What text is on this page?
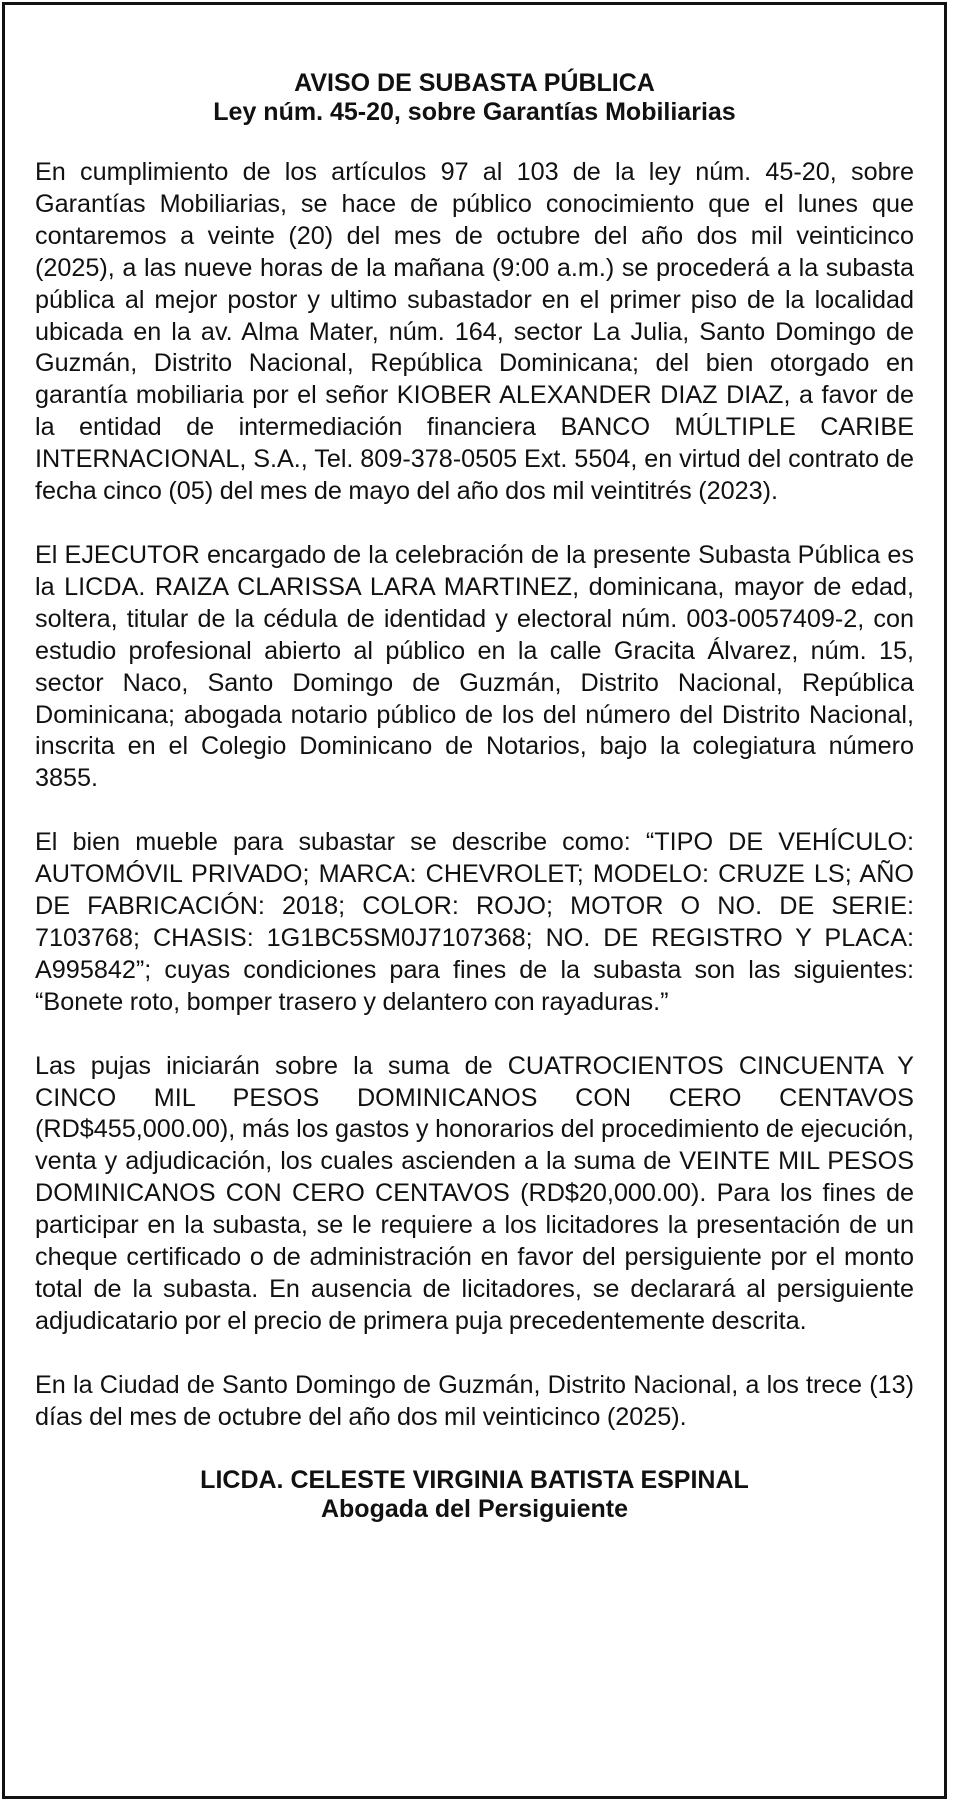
AVISO DE SUBASTA PÚBLICA
Ley núm. 45-20, sobre Garantías Mobiliarias

En cumplimiento de los artículos 97 al 103 de la ley núm. 45-20, sobre Garantías Mobiliarias, se hace de público conocimiento que el lunes que contaremos a veinte (20) del mes de octubre del año dos mil veinticinco (2025), a las nueve horas de la mañana (9:00 a.m.) se procederá a la subasta pública al mejor postor y ultimo subastador en el primer piso de la localidad ubicada en la av. Alma Mater, núm. 164, sector La Julia, Santo Domingo de Guzmán, Distrito Nacional, República Dominicana; del bien otorgado en garantía mobiliaria por el señor KIOBER ALEXANDER DIAZ DIAZ, a favor de la entidad de intermediación financiera BANCO MÚLTIPLE CARIBE INTERNACIONAL, S.A., Tel. 809-378-0505 Ext. 5504, en virtud del contrato de fecha cinco (05) del mes de mayo del año dos mil veintitrés (2023).

El EJECUTOR encargado de la celebración de la presente Subasta Pública es la LICDA. RAIZA CLARISSA LARA MARTINEZ, dominicana, mayor de edad, soltera, titular de la cédula de identidad y electoral núm. 003-0057409-2, con estudio profesional abierto al público en la calle Gracita Álvarez, núm. 15, sector Naco, Santo Domingo de Guzmán, Distrito Nacional, República Dominicana; abogada notario público de los del número del Distrito Nacional, inscrita en el Colegio Dominicano de Notarios, bajo la colegiatura número 3855.

El bien mueble para subastar se describe como: “TIPO DE VEHÍCULO: AUTOMÓVIL PRIVADO; MARCA: CHEVROLET; MODELO: CRUZE LS; AÑO DE FABRICACIÓN: 2018; COLOR: ROJO; MOTOR O NO. DE SERIE: 7103768; CHASIS: 1G1BC5SM0J7107368; NO. DE REGISTRO Y PLACA: A995842”; cuyas condiciones para fines de la subasta son las siguientes: “Bonete roto, bomper trasero y delantero con rayaduras.”

Las pujas iniciarán sobre la suma de CUATROCIENTOS CINCUENTA Y CINCO MIL PESOS DOMINICANOS CON CERO CENTAVOS (RD$455,000.00), más los gastos y honorarios del procedimiento de ejecución, venta y adjudicación, los cuales ascienden a la suma de VEINTE MIL PESOS DOMINICANOS CON CERO CENTAVOS (RD$20,000.00). Para los fines de participar en la subasta, se le requiere a los licitadores la presentación de un cheque certificado o de administración en favor del persiguiente por el monto total de la subasta. En ausencia de licitadores, se declarará al persiguiente adjudicatario por el precio de primera puja precedentemente descrita.

En la Ciudad de Santo Domingo de Guzmán, Distrito Nacional, a los trece (13) días del mes de octubre del año dos mil veinticinco (2025).

LICDA. CELESTE VIRGINIA BATISTA ESPINAL
Abogada del Persiguiente
